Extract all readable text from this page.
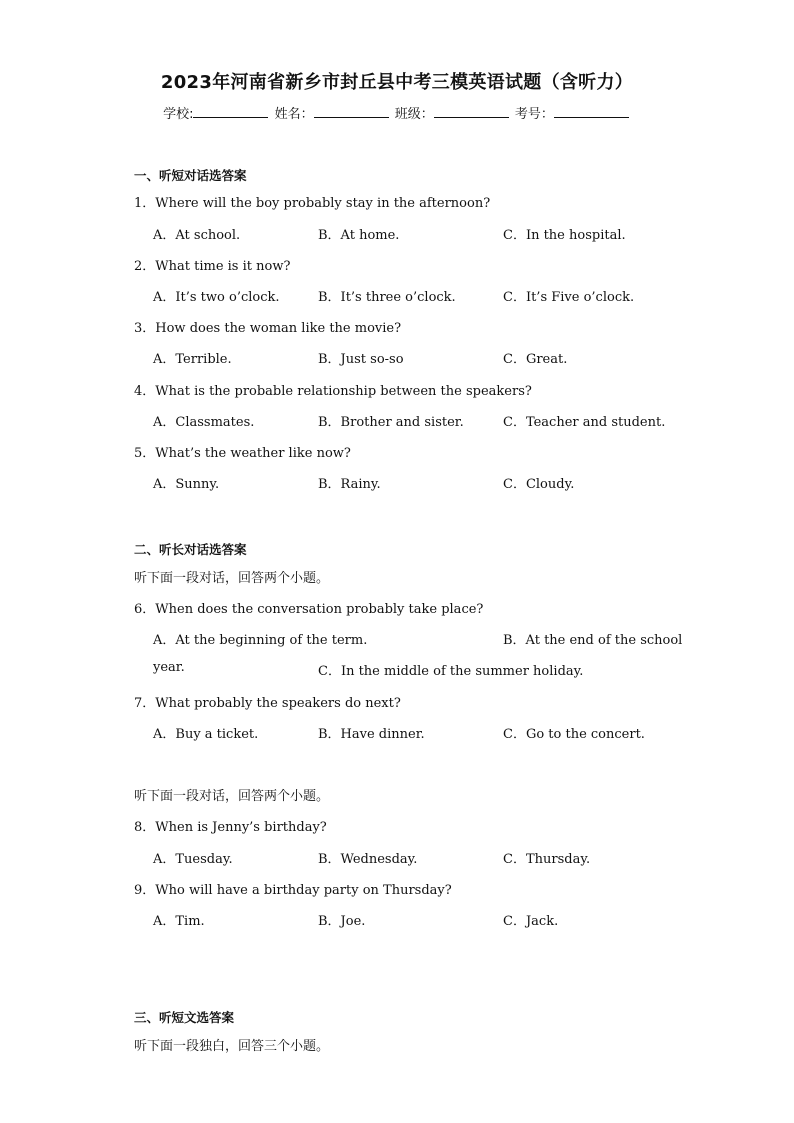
2023年河南省新乡市封丘县中考三模英语试题（含听力）
学校:	姓名：	班级：	考号：
一、听短对话选答案
1．Where will the boy probably stay in the afternoon?
A．At school.	B．At home.	C．In the hospital.
2．What time is it now?
A．It’s two o’clock.	B．It’s three o’clock.	C．It’s Five o’clock.
3．How does the woman like the movie?
A．Terrible.	B．Just so-so	C．Great.
4．What is the probable relationship between the speakers?
A．Classmates.	B．Brother and sister.	C．Teacher and student.
5．What’s the weather like now?
A．Sunny.	B．Rainy.	C．Cloudy.
二、听长对话选答案
听下面一段对话，回答两个小题。
6．When does the conversation probably take place?
A．At the beginning of the term.	B．At the end of the school
year.	C．In the middle of the summer holiday.
7．What probably the speakers do next?
A．Buy a ticket.	B．Have dinner.	C．Go to the concert.
听下面一段对话，回答两个小题。
8．When is Jenny’s birthday?
A．Tuesday.	B．Wednesday.	C．Thursday.
9．Who will have a birthday party on Thursday?
A．Tim.	B．Joe.	C．Jack.
三、听短文选答案
听下面一段独白，回答三个小题。
